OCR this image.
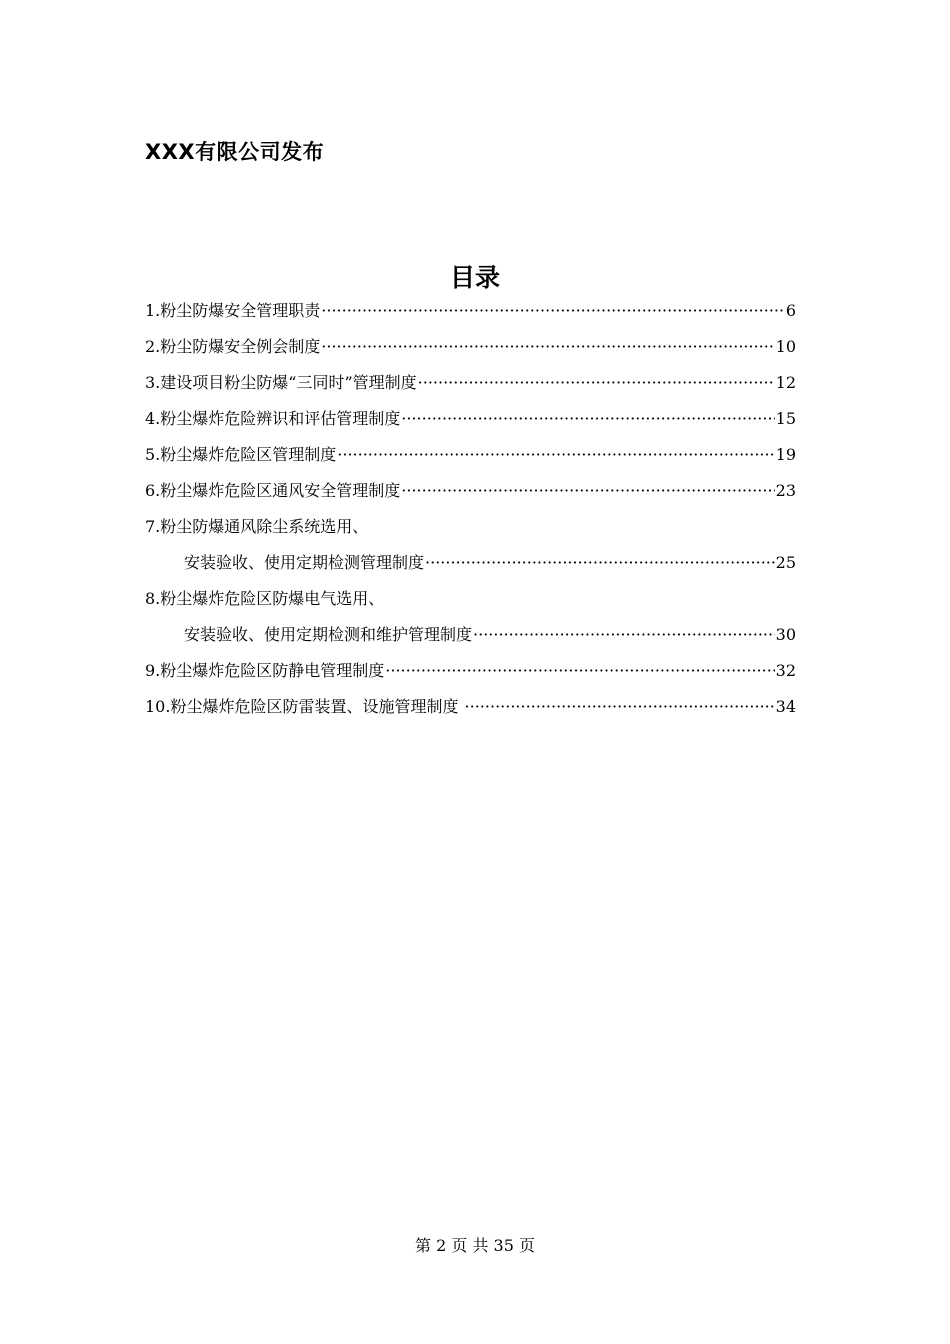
XXX有限公司发布
目录
1.粉尘防爆安全管理职责 ·····	6
2.粉尘防爆安全例会制度 ·····	10
3.建设项目粉尘防爆“三同时”管理制度 ·····	12
4.粉尘爆炸危险辨识和评估管理制度 ·····	15
5.粉尘爆炸危险区管理制度 ·····	19
6.粉尘爆炸危险区通风安全管理制度 ·····	23
7.粉尘防爆通风除尘系统选用、
安装验收、使用定期检测管理制度 ·····	25
8.粉尘爆炸危险区防爆电气选用、
安装验收、使用定期检测和维护管理制度 ·····	30
9.粉尘爆炸危险区防静电管理制度 ·····	32
10.粉尘爆炸危险区防雷装置、设施管理制度 ·····	34
第 2 页 共 35 页
